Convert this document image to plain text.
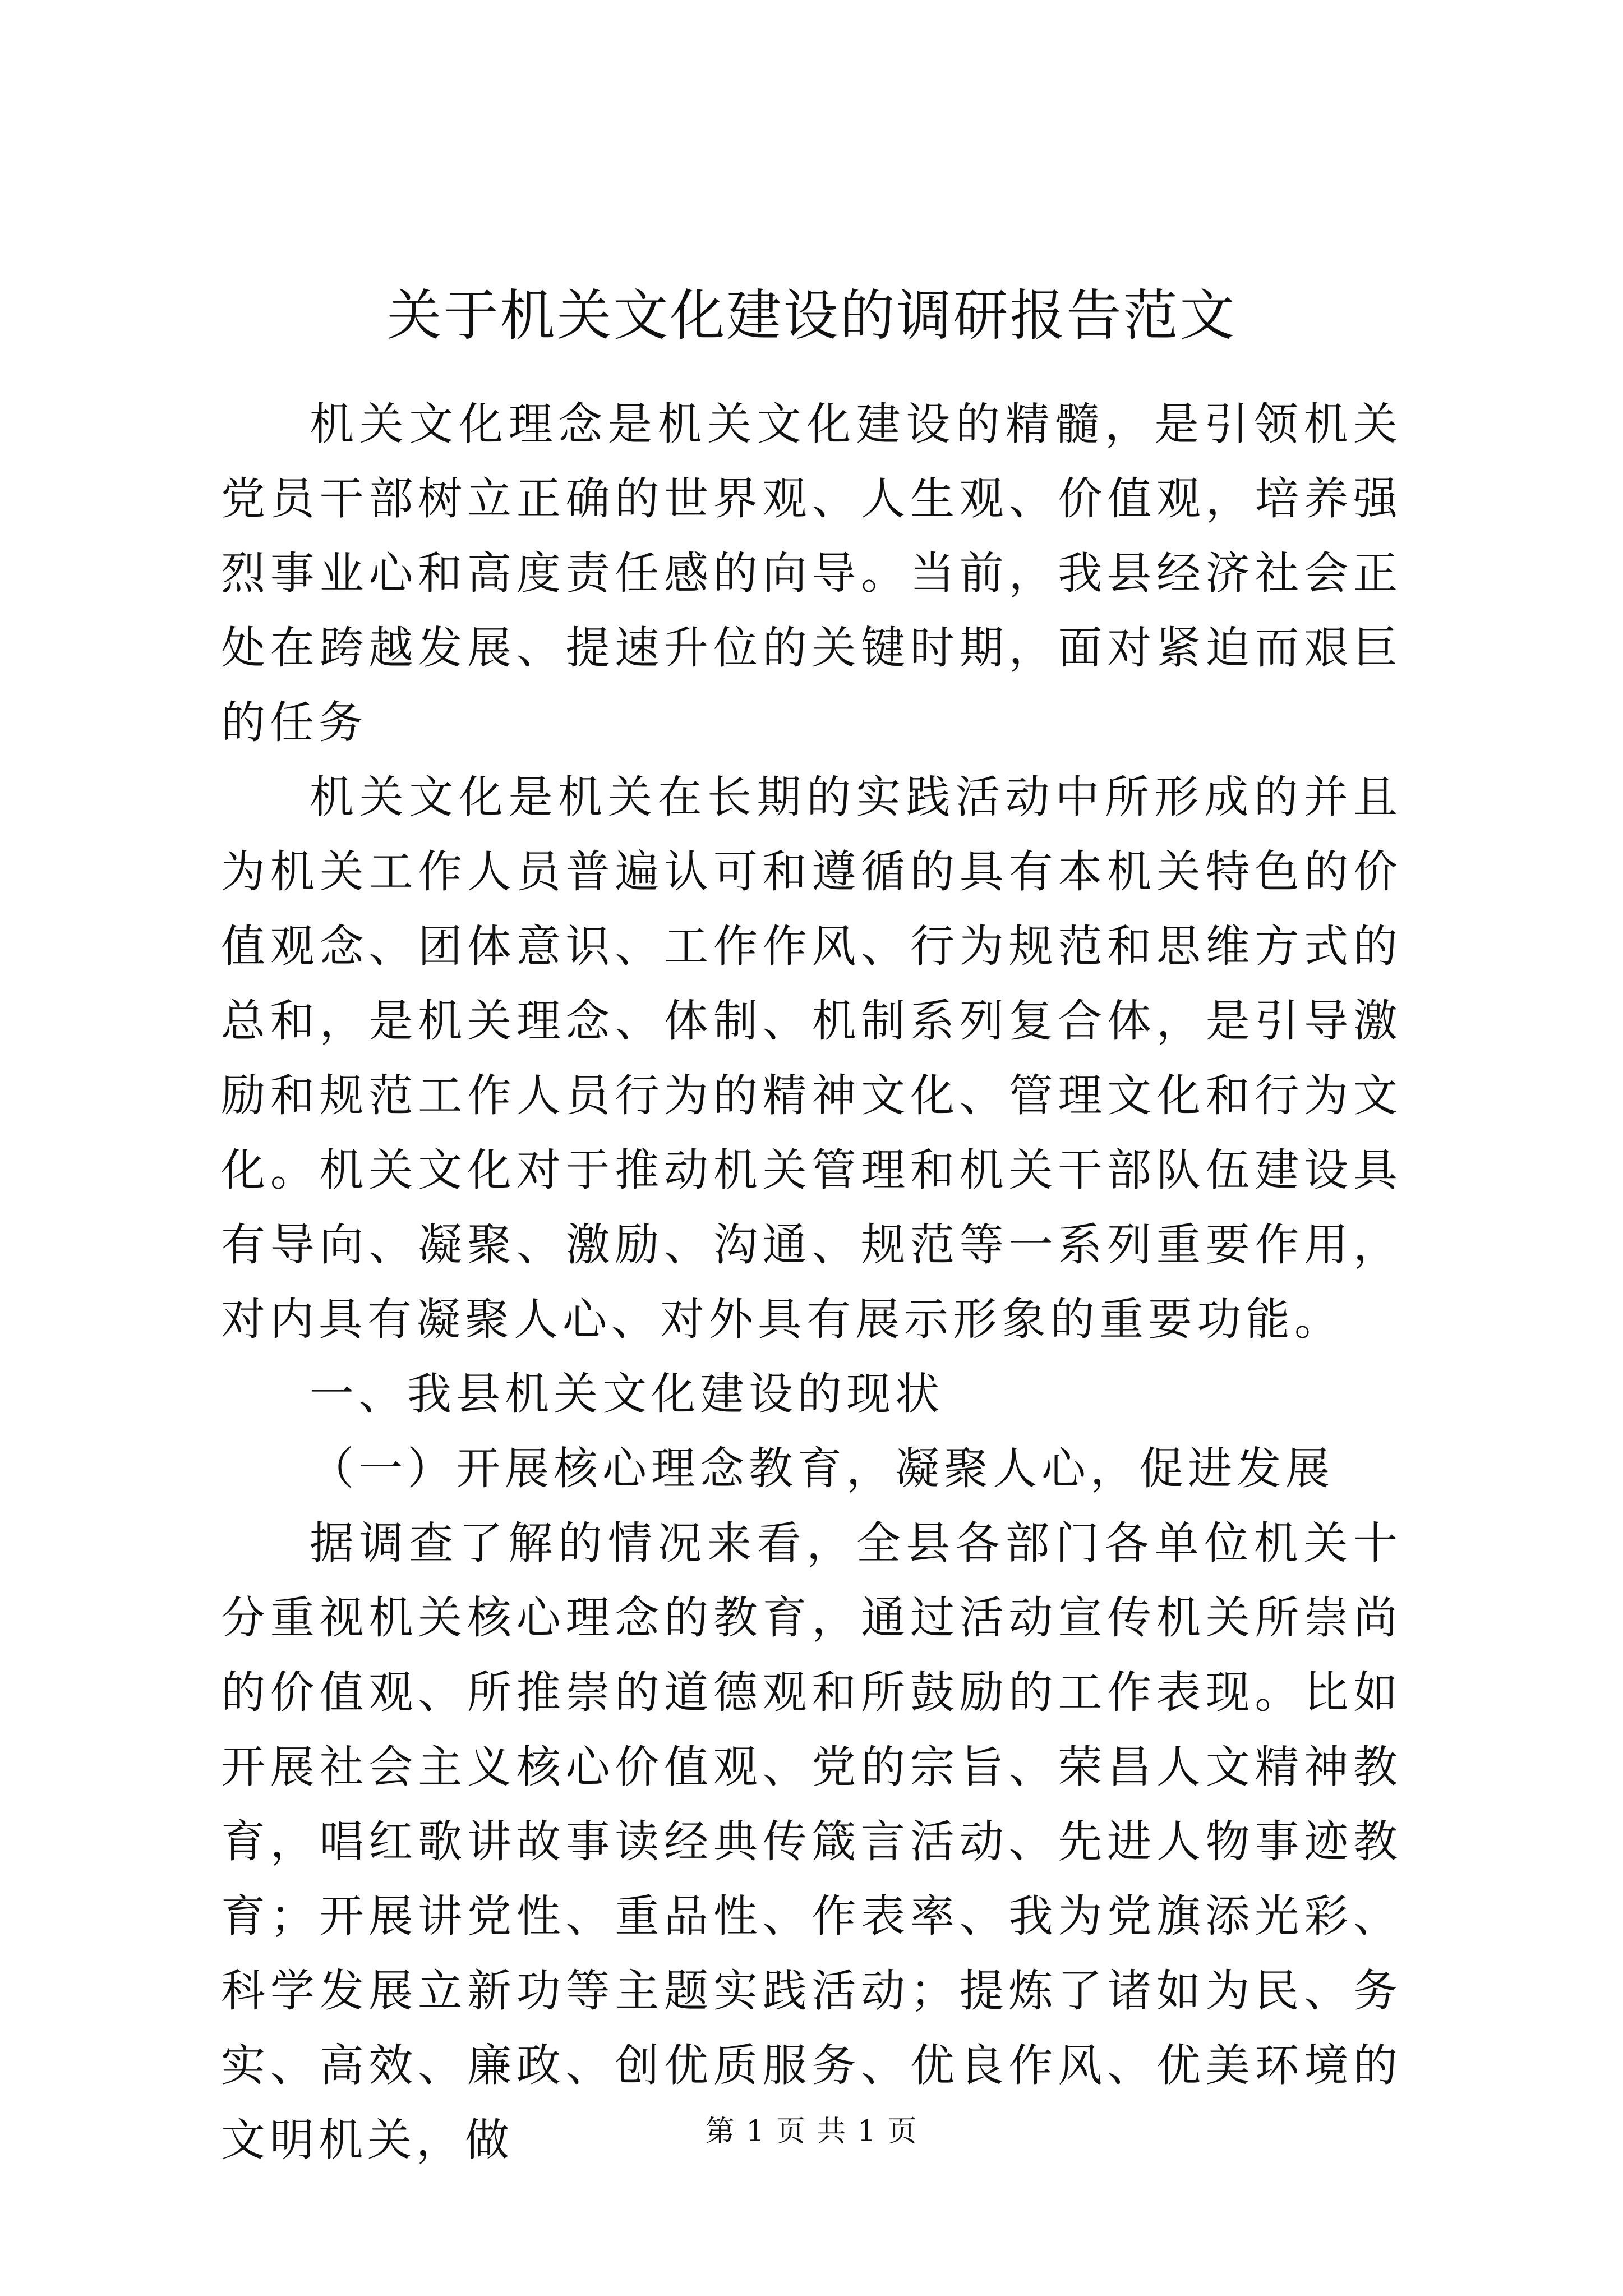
关于机关文化建设的调研报告范文

机关文化理念是机关文化建设的精髓，是引领机关党员干部树立正确的世界观、人生观、价值观，培养强烈事业心和高度责任感的向导。当前，我县经济社会正处在跨越发展、提速升位的关键时期，面对紧迫而艰巨的任务

机关文化是机关在长期的实践活动中所形成的并且为机关工作人员普遍认可和遵循的具有本机关特色的价值观念、团体意识、工作作风、行为规范和思维方式的总和，是机关理念、体制、机制系列复合体，是引导激励和规范工作人员行为的精神文化、管理文化和行为文化。机关文化对于推动机关管理和机关干部队伍建设具有导向、凝聚、激励、沟通、规范等一系列重要作用，对内具有凝聚人心、对外具有展示形象的重要功能。

一、我县机关文化建设的现状

（一）开展核心理念教育，凝聚人心，促进发展

据调查了解的情况来看，全县各部门各单位机关十分重视机关核心理念的教育，通过活动宣传机关所崇尚的价值观、所推崇的道德观和所鼓励的工作表现。比如开展社会主义核心价值观、党的宗旨、荣昌人文精神教育，唱红歌讲故事读经典传箴言活动、先进人物事迹教育；开展讲党性、重品性、作表率、我为党旗添光彩、科学发展立新功等主题实践活动；提炼了诸如为民、务实、高效、廉政、创优质服务、优良作风、优美环境的文明机关，做	第 1 页 共 1 页
